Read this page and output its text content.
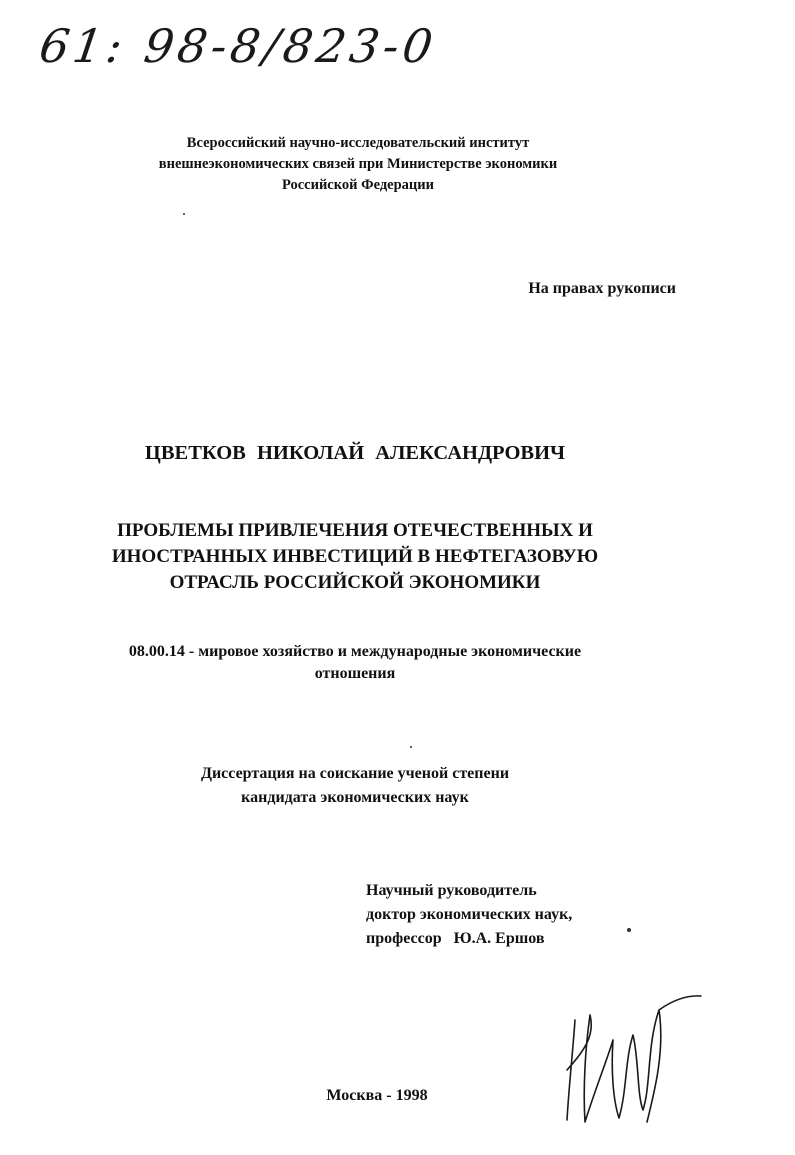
61: 98-8/823-0
Всероссийский научно-исследовательский институт
внешнеэкономических связей при Министерстве экономики
Российской Федерации
На правах рукописи
ЦВЕТКОВ НИКОЛАЙ АЛЕКСАНДРОВИЧ
ПРОБЛЕМЫ ПРИВЛЕЧЕНИЯ ОТЕЧЕСТВЕННЫХ И
ИНОСТРАННЫХ ИНВЕСТИЦИЙ В НЕФТЕГАЗОВУЮ
ОТРАСЛЬ РОССИЙСКОЙ ЭКОНОМИКИ
08.00.14 - мировое хозяйство и международные экономические
отношения
Диссертация на соискание ученой степени
кандидата экономических наук
Научный руководитель
доктор экономических наук,
профессор   Ю.А. Ершов
Москва - 1998
